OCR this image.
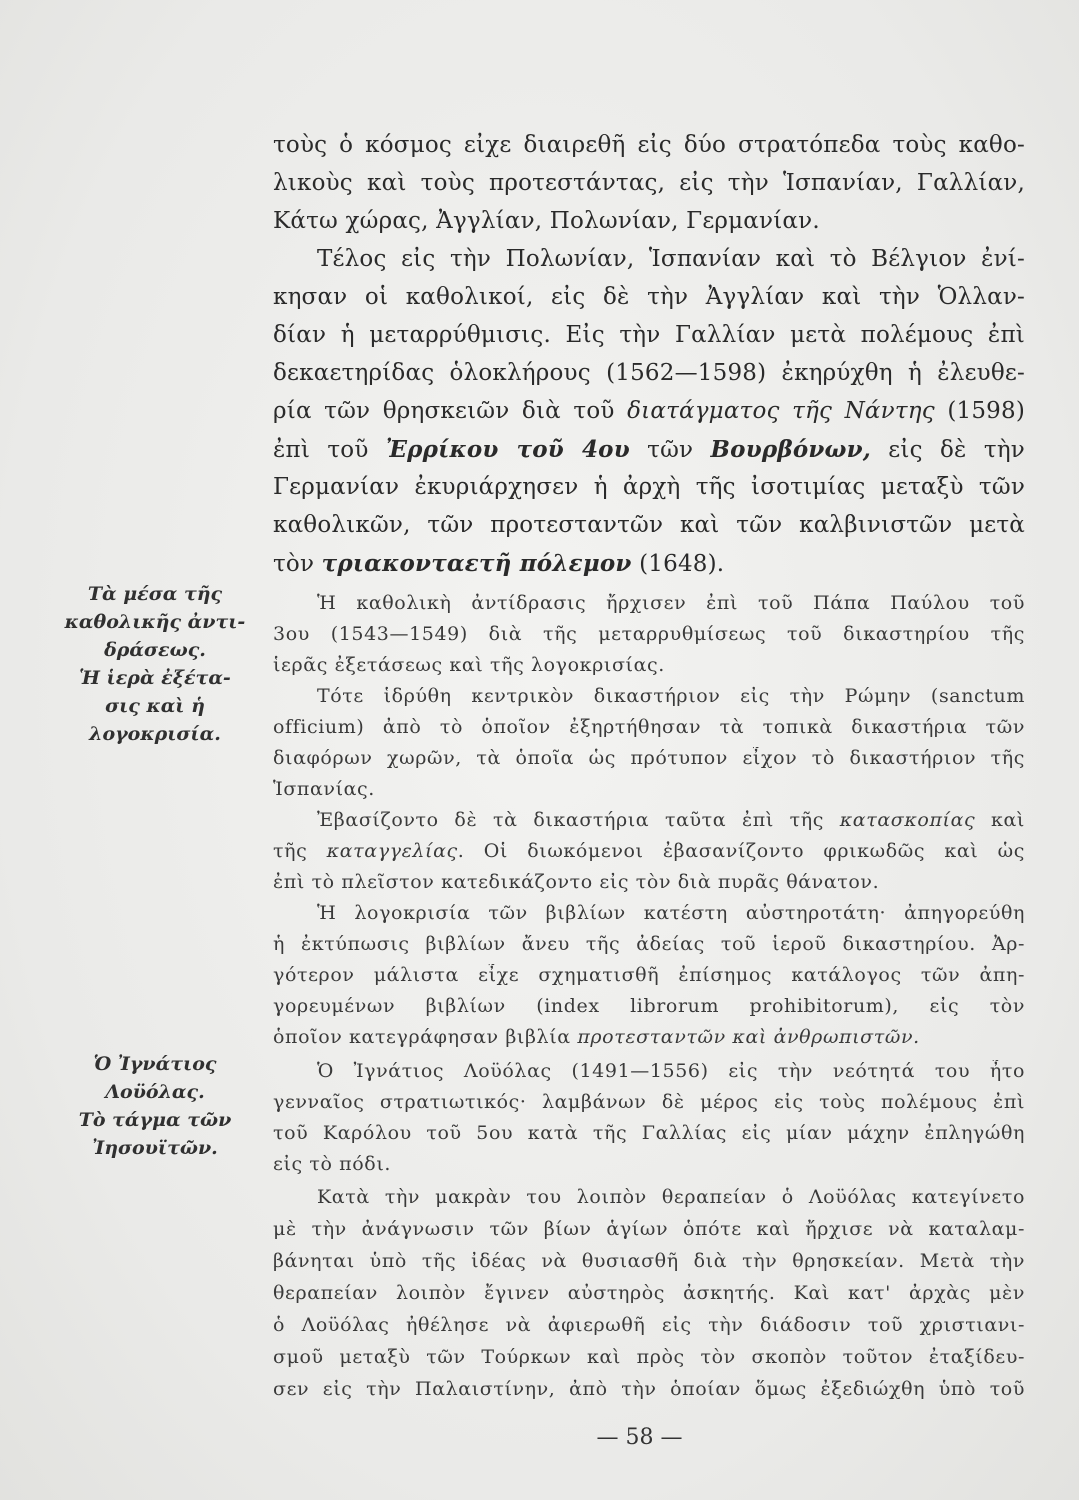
Τὰ μέσα τῆς
καθολικῆς ἀντι-
δράσεως.
Ἡ ἱερὰ ἐξέτα-
σις καὶ ἡ
λογοκρισία.
Ὁ Ἰγνάτιος
Λοϋόλας.
Τὸ τάγμα τῶν
Ἰησουϊτῶν.
τοὺς ὁ κόσμος εἶχε διαιρεθῆ εἰς δύο στρατόπεδα τοὺς καθο-
λικοὺς καὶ τοὺς προτεστάντας, εἰς τὴν Ἱσπανίαν, Γαλλίαν,
Κάτω χώρας, Ἀγγλίαν, Πολωνίαν, Γερμανίαν.
Τέλος εἰς τὴν Πολωνίαν, Ἱσπανίαν καὶ τὸ Βέλγιον ἐνί-
κησαν οἱ καθολικοί, εἰς δὲ τὴν Ἀγγλίαν καὶ τὴν Ὁλλαν-
δίαν ἡ μεταρρύθμισις. Εἰς τὴν Γαλλίαν μετὰ πολέμους ἐπὶ
δεκαετηρίδας ὁλοκλήρους (1562—1598) ἐκηρύχθη ἡ ἐλευθε-
ρία τῶν θρησκειῶν διὰ τοῦ διατάγματος τῆς Νάντης (1598)
ἐπὶ τοῦ Ἐρρίκου τοῦ 4ου τῶν Βουρβόνων, εἰς δὲ τὴν
Γερμανίαν ἐκυριάρχησεν ἡ ἀρχὴ τῆς ἰσοτιμίας μεταξὺ τῶν
καθολικῶν, τῶν προτεσταντῶν καὶ τῶν καλβινιστῶν μετὰ
τὸν τριακονταετῆ πόλεμον (1648).
Ἡ καθολικὴ ἀντίδρασις ἤρχισεν ἐπὶ τοῦ Πάπα Παύλου τοῦ
3ου (1543—1549) διὰ τῆς μεταρρυθμίσεως τοῦ δικαστηρίου τῆς
ἱερᾶς ἐξετάσεως καὶ τῆς λογοκρισίας.
Τότε ἱδρύθη κεντρικὸν δικαστήριον εἰς τὴν Ρώμην (sanctum
officium) ἀπὸ τὸ ὁποῖον ἐξηρτήθησαν τὰ τοπικὰ δικαστήρια τῶν
διαφόρων χωρῶν, τὰ ὁποῖα ὡς πρότυπον εἶχον τὸ δικαστήριον τῆς
Ἱσπανίας.
Ἐβασίζοντο δὲ τὰ δικαστήρια ταῦτα ἐπὶ τῆς κατασκοπίας καὶ
τῆς καταγγελίας. Οἱ διωκόμενοι ἐβασανίζοντο φρικωδῶς καὶ ὡς
ἐπὶ τὸ πλεῖστον κατεδικάζοντο εἰς τὸν διὰ πυρᾶς θάνατον.
Ἡ λογοκρισία τῶν βιβλίων κατέστη αὐστηροτάτη· ἀπηγορεύθη
ἡ ἐκτύπωσις βιβλίων ἄνευ τῆς ἀδείας τοῦ ἱεροῦ δικαστηρίου. Ἀρ-
γότερον μάλιστα εἶχε σχηματισθῆ ἐπίσημος κατάλογος τῶν ἀπη-
γορευμένων βιβλίων (index librorum prohibitorum), εἰς τὸν
ὁποῖον κατεγράφησαν βιβλία προτεσταντῶν καὶ ἀνθρωπιστῶν.
Ὁ Ἰγνάτιος Λοϋόλας (1491—1556) εἰς τὴν νεότητά του ἦτο
γενναῖος στρατιωτικός· λαμβάνων δὲ μέρος εἰς τοὺς πολέμους ἐπὶ
τοῦ Καρόλου τοῦ 5ου κατὰ τῆς Γαλλίας εἰς μίαν μάχην ἐπληγώθη
εἰς τὸ πόδι.
Κατὰ τὴν μακρὰν του λοιπὸν θεραπείαν ὁ Λοϋόλας κατεγίνετο
μὲ τὴν ἀνάγνωσιν τῶν βίων ἁγίων ὁπότε καὶ ἤρχισε νὰ καταλαμ-
βάνηται ὑπὸ τῆς ἰδέας νὰ θυσιασθῆ διὰ τὴν θρησκείαν. Μετὰ τὴν
θεραπείαν λοιπὸν ἔγινεν αὐστηρὸς ἀσκητής. Καὶ κατ' ἀρχὰς μὲν
ὁ Λοϋόλας ἠθέλησε νὰ ἀφιερωθῆ εἰς τὴν διάδοσιν τοῦ χριστιανι-
σμοῦ μεταξὺ τῶν Τούρκων καὶ πρὸς τὸν σκοπὸν τοῦτον ἐταξίδευ-
σεν εἰς τὴν Παλαιστίνην, ἀπὸ τὴν ὁποίαν ὅμως ἐξεδιώχθη ὑπὸ τοῦ
— 58 —
